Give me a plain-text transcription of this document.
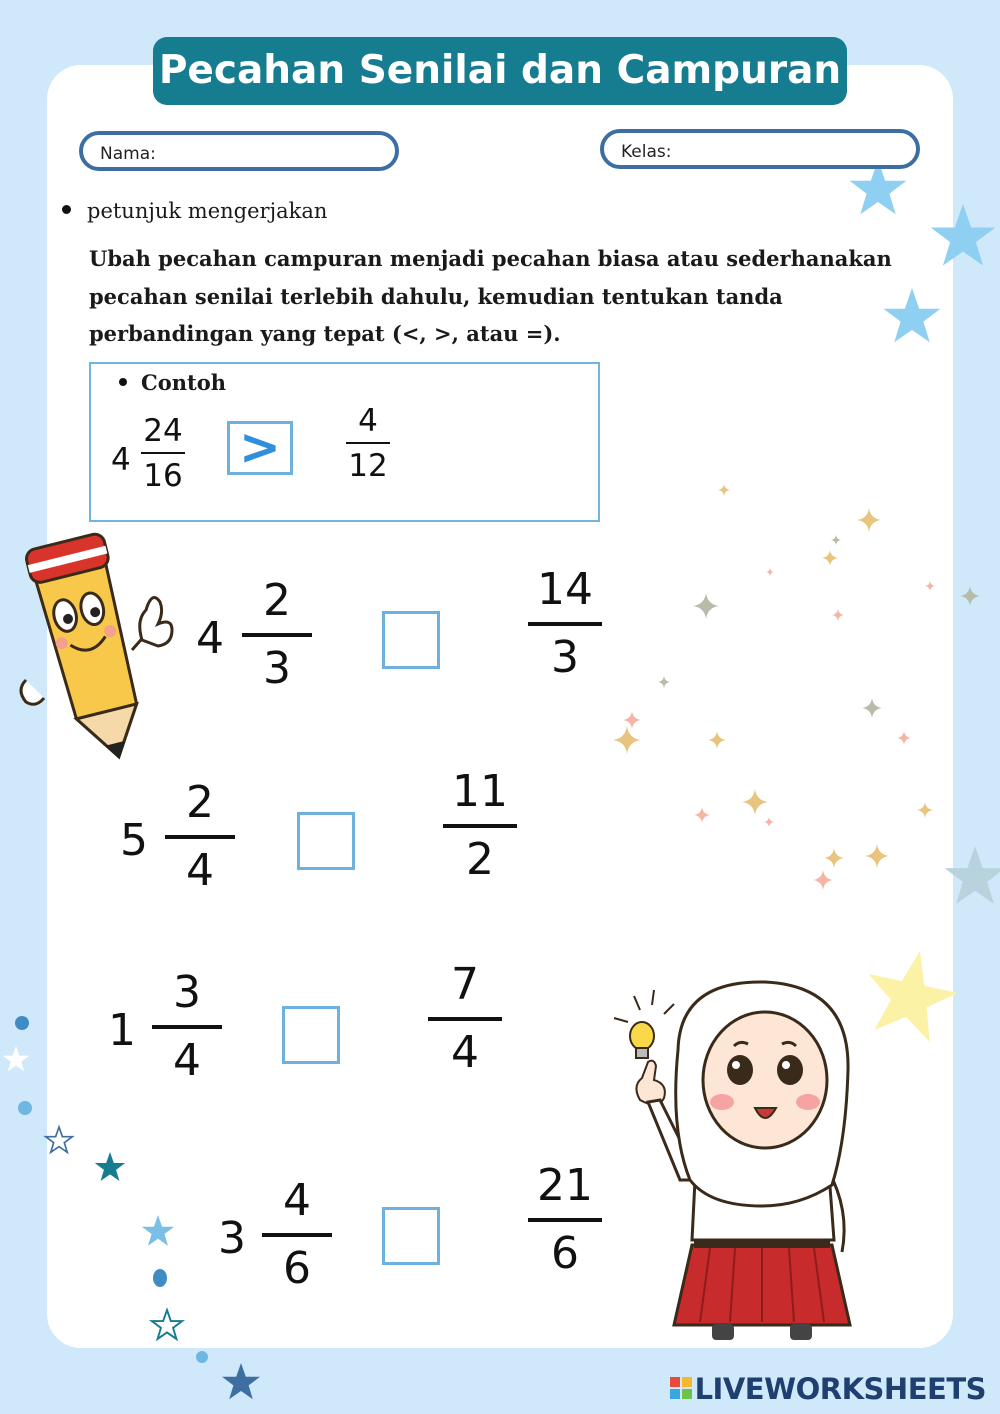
Pecahan Senilai dan Campuran
Nama:	Kelas:
petunjuk mengerjakan
Ubah pecahan campuran menjadi pecahan biasa atau sederhanakan
pecahan senilai terlebih dahulu, kemudian tentukan tanda
perbandingan yang tepat (<, >, atau =).
Contoh
4
24
16 >	4
12
4
2
3
14
3
5
2
4
11
2
1
3
4
7
4
3
4
6
21
6
LIVEWORKSHEETS
